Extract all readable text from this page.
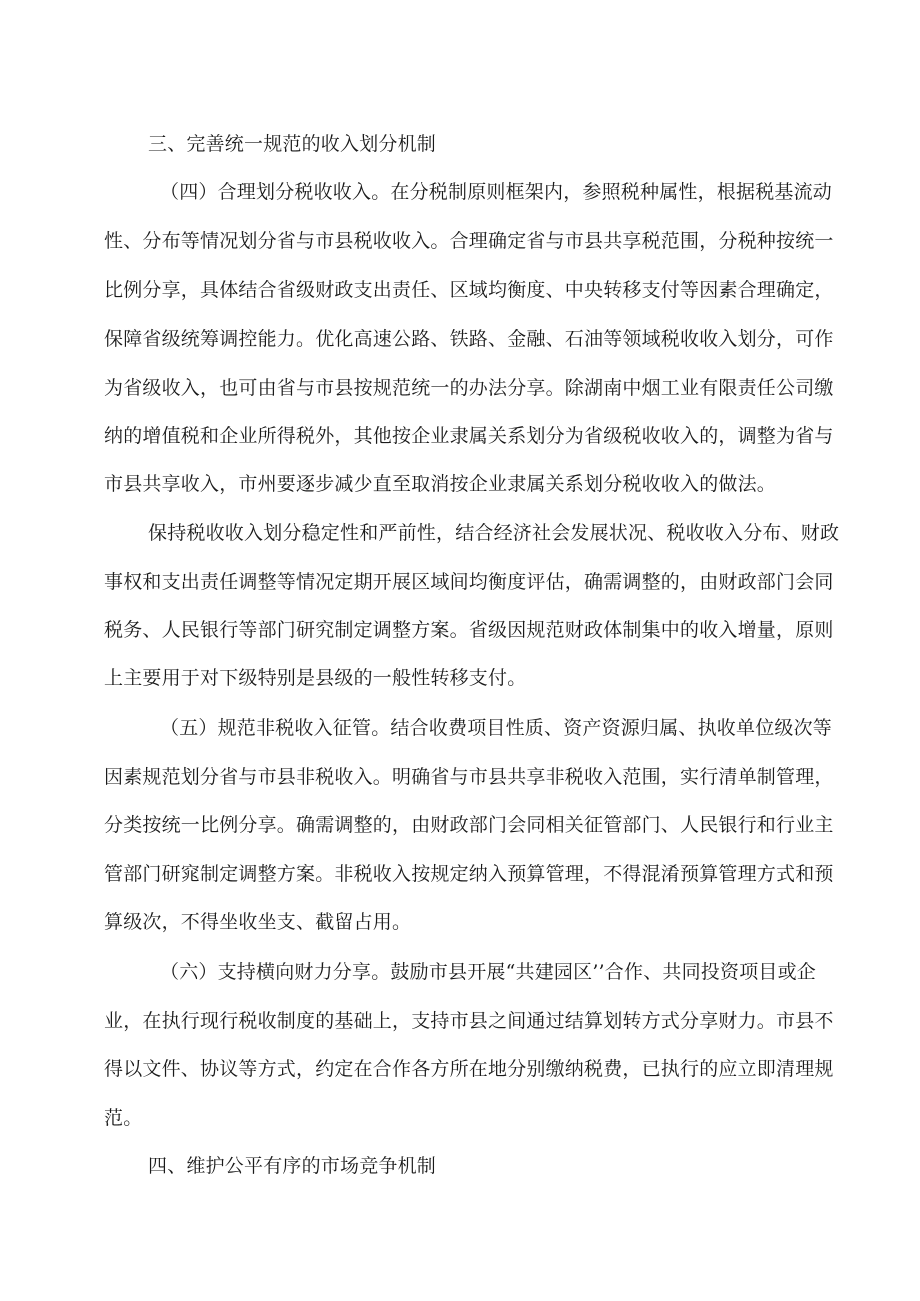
三、完善统一规范的收入划分机制
（四）合理划分税收收入。在分税制原则框架内，参照税种属性，根据税基流动
性、分布等情况划分省与市县税收收入。合理确定省与市县共享税范围，分税种按统一
比例分享，具体结合省级财政支出责任、区域均衡度、中央转移支付等因素合理确定，
保障省级统筹调控能力。优化高速公路、铁路、金融、石油等领域税收收入划分，可作
为省级收入，也可由省与市县按规范统一的办法分享。除湖南中烟工业有限责任公司缴
纳的增值税和企业所得税外，其他按企业隶属关系划分为省级税收收入的，调整为省与
市县共享收入，市州要逐步减少直至取消按企业隶属关系划分税收收入的做法。
保持税收收入划分稳定性和严前性，结合经济社会发展状况、税收收入分布、财政
事权和支出责任调整等情况定期开展区域间均衡度评估，确需调整的，由财政部门会同
税务、人民银行等部门研究制定调整方案。省级因规范财政体制集中的收入增量，原则
上主要用于对下级特别是县级的一般性转移支付。
（五）规范非税收入征管。结合收费项目性质、资产资源归属、执收单位级次等
因素规范划分省与市县非税收入。明确省与市县共享非税收入范围，实行清单制管理，
分类按统一比例分享。确需调整的，由财政部门会同相关征管部门、人民银行和行业主
管部门研窕制定调整方案。非税收入按规定纳入预算管理，不得混淆预算管理方式和预
算级次，不得坐收坐支、截留占用。
（六）支持横向财力分享。鼓励市县开展“共建园区’’合作、共同投资项目或企
业，在执行现行税收制度的基础上，支持市县之间通过结算划转方式分享财力。市县不
得以文件、协议等方式，约定在合作各方所在地分别缴纳税费，已执行的应立即清理规
范。
四、维护公平有序的市场竞争机制
